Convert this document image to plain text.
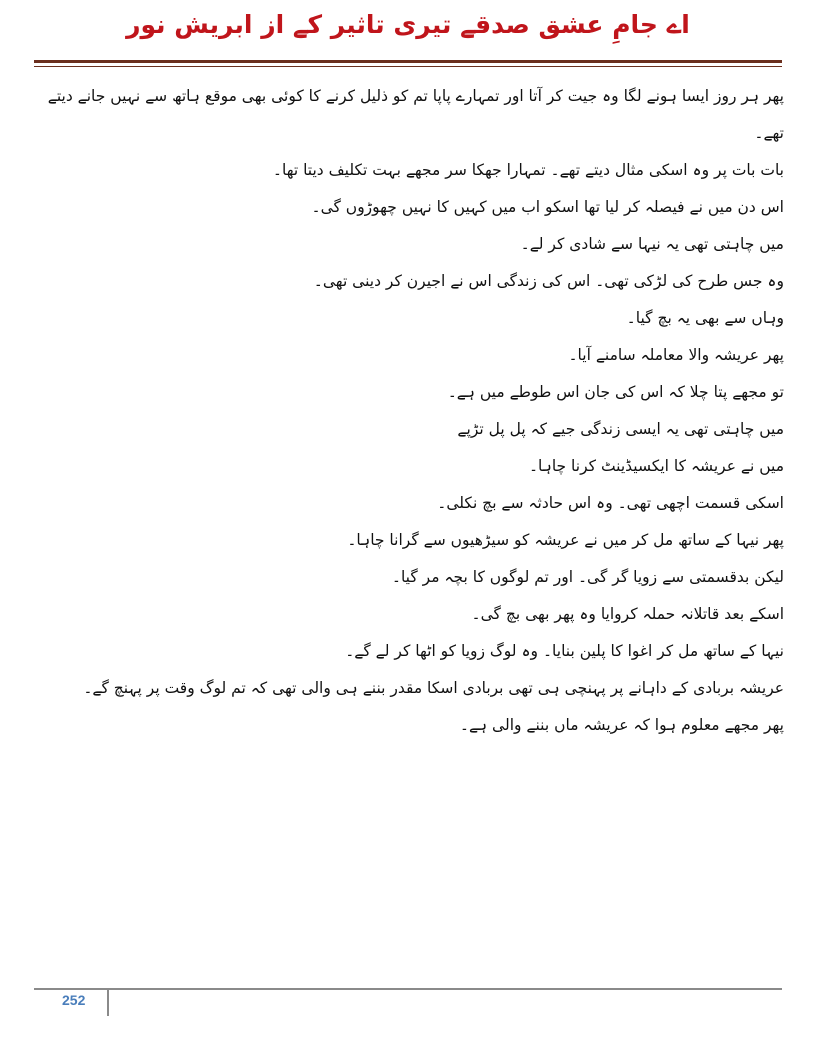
اے جامِ عشق صدقے تیری تاثیر کے از ابریش نور

پھر ہر روز ایسا ہونے لگا وہ جیت کر آتا اور تمہارے پاپا تم کو ذلیل کرنے کا کوئی بھی موقع ہاتھ سے نہیں جانے دیتے تھے۔

بات بات پر وہ اسکی مثال دیتے تھے۔ تمہارا جھکا سر مجھے بہت تکلیف دیتا تھا۔

اس دن میں نے فیصلہ کر لیا تھا اسکو اب میں کہیں کا نہیں چھوڑوں گی۔

میں چاہتی تھی یہ نیہا سے شادی کر لے۔

وہ جس طرح کی لڑکی تھی۔ اس کی زندگی اس نے اجیرن کر دینی تھی۔

وہاں سے بھی یہ بچ گیا۔

پھر عریشہ والا معاملہ سامنے آیا۔

تو مجھے پتا چلا کہ اس کی جان اس طوطے میں ہے۔

میں چاہتی تھی یہ ایسی زندگی جیے کہ پل پل تڑپے

میں نے عریشہ کا ایکسیڈینٹ کرنا چاہا۔

اسکی قسمت اچھی تھی۔ وہ اس حادثہ سے بچ نکلی۔

پھر نیہا کے ساتھ مل کر میں نے عریشہ کو سیڑھیوں سے گرانا چاہا۔

لیکن بدقسمتی سے زویا گر گی۔ اور تم لوگوں کا بچہ مر گیا۔

اسکے بعد قاتلانہ حملہ کروایا وہ پھر بھی بچ گی۔

نیہا کے ساتھ مل کر اغوا کا پلین بنایا۔ وہ لوگ زویا کو اٹھا کر لے گے۔

عریشہ بربادی کے داہانے پر پہنچی ہی تھی بربادی اسکا مقدر بننے ہی والی تھی کہ تم لوگ وقت پر پہنچ گے۔

پھر مجھے معلوم ہوا کہ عریشہ ماں بننے والی ہے۔

252
